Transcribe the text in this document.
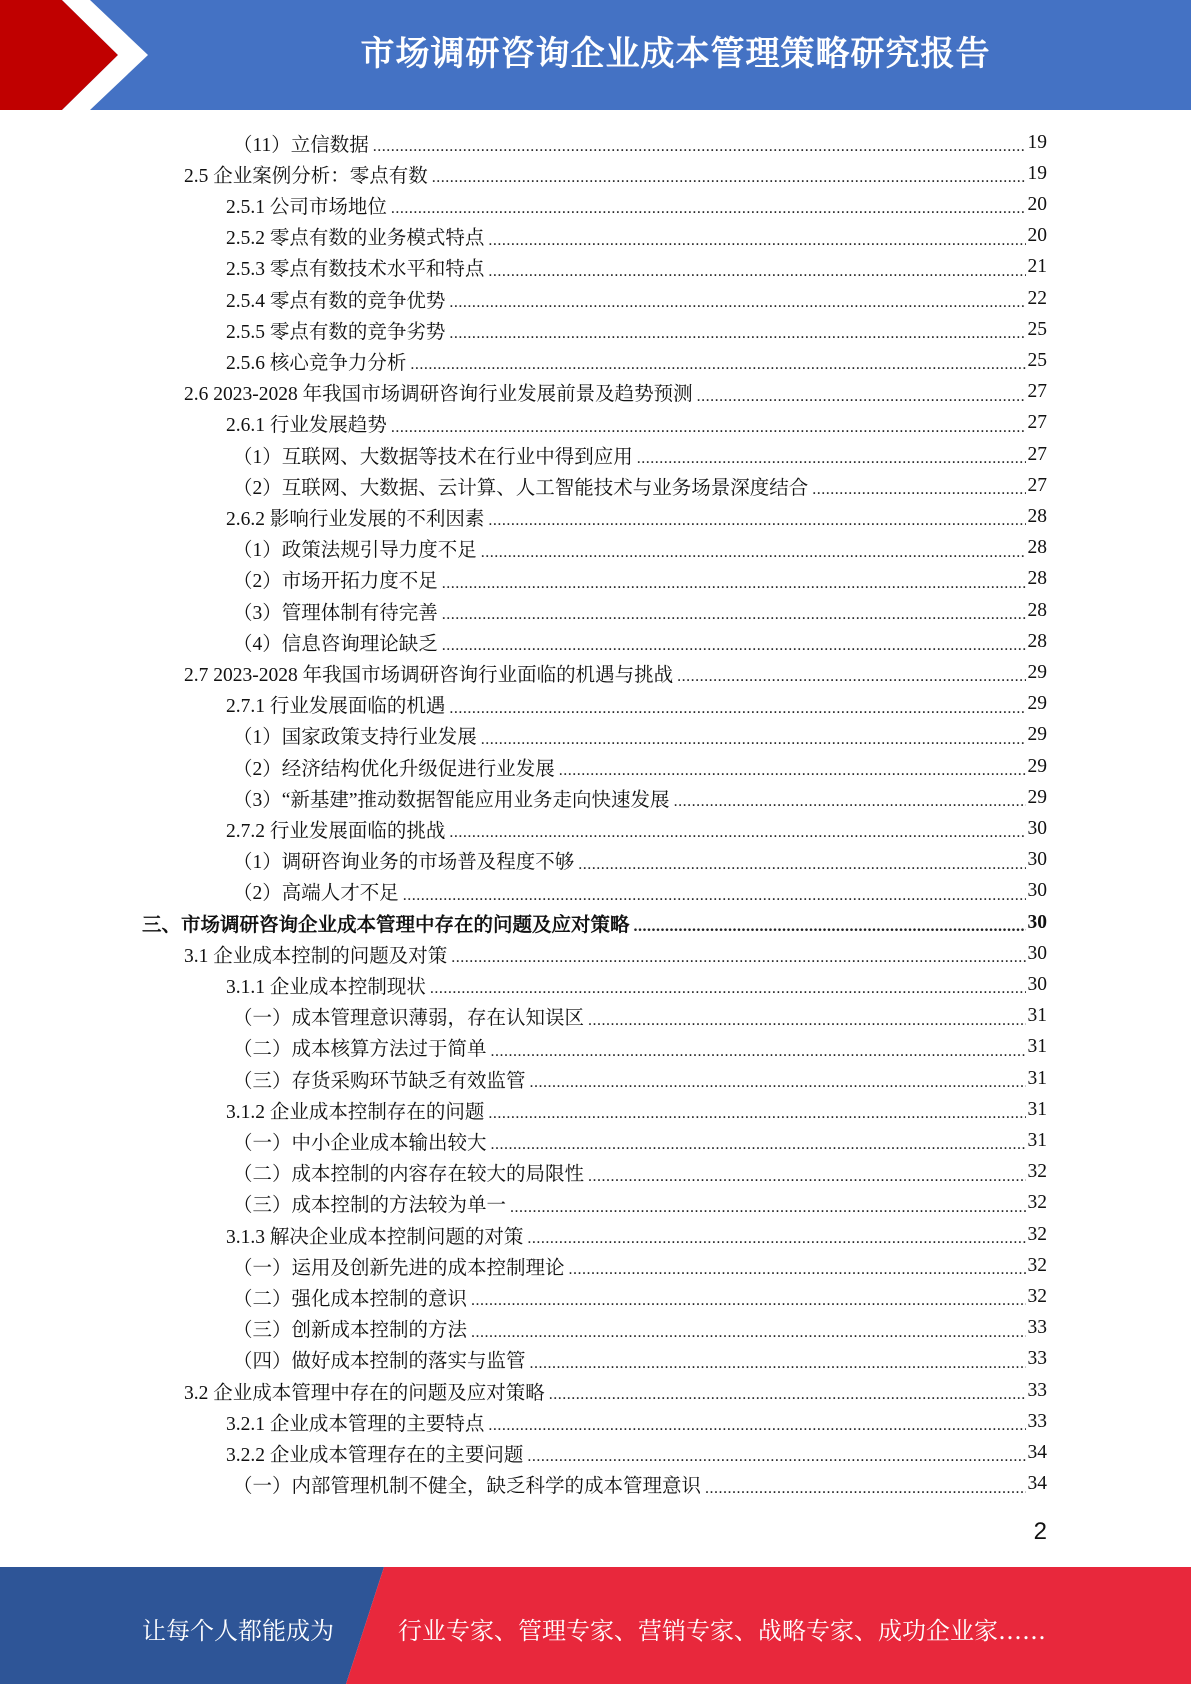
市场调研咨询企业成本管理策略研究报告
（11）立信数据 .....	19
2.5 企业案例分析：零点有数 .....	19
2.5.1 公司市场地位 .....	20
2.5.2 零点有数的业务模式特点 .....	20
2.5.3 零点有数技术水平和特点 .....	21
2.5.4 零点有数的竞争优势 .....	22
2.5.5 零点有数的竞争劣势 .....	25
2.5.6 核心竞争力分析 .....	25
2.6 2023-2028 年我国市场调研咨询行业发展前景及趋势预测 .....	27
2.6.1 行业发展趋势 .....	27
（1）互联网、大数据等技术在行业中得到应用 .....	27
（2）互联网、大数据、云计算、人工智能技术与业务场景深度结合 .....	27
2.6.2 影响行业发展的不利因素 .....	28
（1）政策法规引导力度不足 .....	28
（2）市场开拓力度不足 .....	28
（3）管理体制有待完善 .....	28
（4）信息咨询理论缺乏 .....	28
2.7 2023-2028 年我国市场调研咨询行业面临的机遇与挑战 .....	29
2.7.1 行业发展面临的机遇 .....	29
（1）国家政策支持行业发展 .....	29
（2）经济结构优化升级促进行业发展 .....	29
（3）“新基建”推动数据智能应用业务走向快速发展 .....	29
2.7.2 行业发展面临的挑战 .....	30
（1）调研咨询业务的市场普及程度不够 .....	30
（2）高端人才不足 .....	30
三、市场调研咨询企业成本管理中存在的问题及应对策略 .....	30
3.1 企业成本控制的问题及对策 .....	30
3.1.1 企业成本控制现状 .....	30
（一）成本管理意识薄弱，存在认知误区 .....	31
（二）成本核算方法过于简单 .....	31
（三）存货采购环节缺乏有效监管 .....	31
3.1.2 企业成本控制存在的问题 .....	31
（一）中小企业成本输出较大 .....	31
（二）成本控制的内容存在较大的局限性 .....	32
（三）成本控制的方法较为单一 .....	32
3.1.3 解决企业成本控制问题的对策 .....	32
（一）运用及创新先进的成本控制理论 .....	32
（二）强化成本控制的意识 .....	32
（三）创新成本控制的方法 .....	33
（四）做好成本控制的落实与监管 .....	33
3.2 企业成本管理中存在的问题及应对策略 .....	33
3.2.1 企业成本管理的主要特点 .....	33
3.2.2 企业成本管理存在的主要问题 .....	34
（一）内部管理机制不健全，缺乏科学的成本管理意识 .....	34
2
让每个人都能成为	行业专家、管理专家、营销专家、战略专家、成功企业家……
